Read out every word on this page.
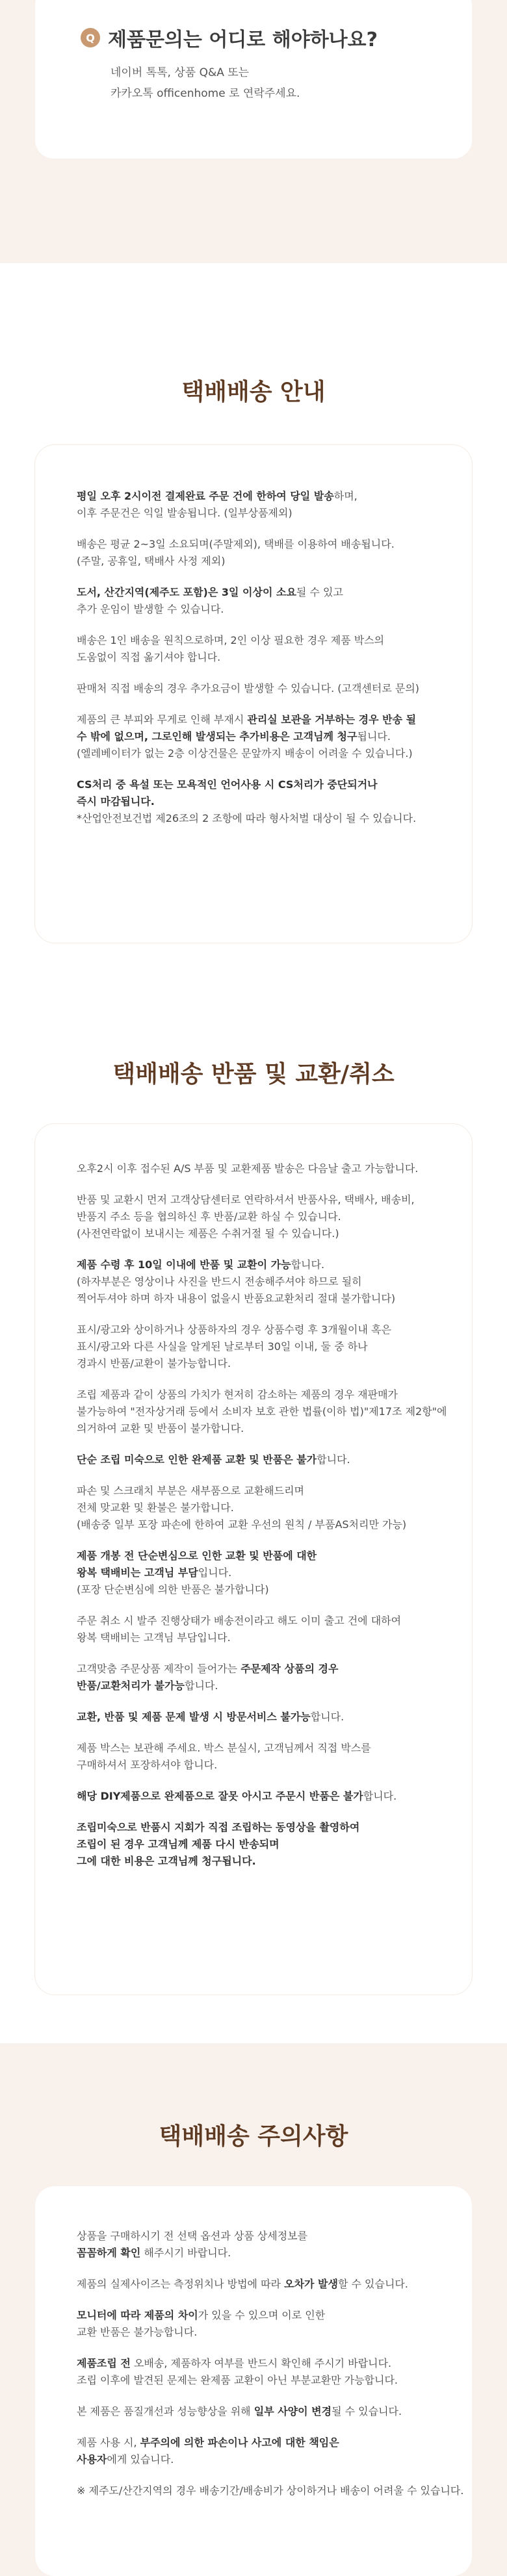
Q 제품문의는 어디로 해야하나요?
네이버 톡톡, 상품 Q&A 또는
카카오톡 officenhome 로 연락주세요.
택배배송 안내
평일 오후 2시이전 결제완료 주문 건에 한하여 당일 발송하며,
이후 주문건은 익일 발송됩니다. (일부상품제외)
배송은 평균 2~3일 소요되며(주말제외), 택배를 이용하여 배송됩니다.
(주말, 공휴일, 택배사 사정 제외)
도서, 산간지역(제주도 포함)은 3일 이상이 소요될 수 있고
추가 운임이 발생할 수 있습니다.
배송은 1인 배송을 원칙으로하며, 2인 이상 필요한 경우 제품 박스의
도움없이 직접 옮기셔야 합니다.
판매처 직접 배송의 경우 추가요금이 발생할 수 있습니다. (고객센터로 문의)
제품의 큰 부피와 무게로 인해 부재시 관리실 보관을 거부하는 경우 반송 될
수 밖에 없으며, 그로인해 발생되는 추가비용은 고객님께 청구됩니다.
(엘레베이터가 없는 2층 이상건물은 문앞까지 배송이 어려울 수 있습니다.)
CS처리 중 욕설 또는 모욕적인 언어사용 시 CS처리가 중단되거나
즉시 마감됩니다.
*산업안전보건법 제26조의 2 조항에 따라 형사처벌 대상이 될 수 있습니다.
택배배송 반품 및 교환/취소
오후2시 이후 접수된 A/S 부품 및 교환제품 발송은 다음날 출고 가능합니다.
반품 및 교환시 먼저 고객상담센터로 연락하셔서 반품사유, 택배사, 배송비,
반품지 주소 등을 협의하신 후 반품/교환 하실 수 있습니다.
(사전연락없이 보내시는 제품은 수취거절 될 수 있습니다.)
제품 수령 후 10일 이내에 반품 및 교환이 가능합니다.
(하자부분은 영상이나 사진을 반드시 전송해주셔야 하므로 될히
찍어두셔야 하며 하자 내용이 없을시 반품요교환처리 절대 불가합니다)
표시/광고와 상이하거나 상품하자의 경우 상품수령 후 3개월이내 혹은
표시/광고와 다른 사실을 알게된 날로부터 30일 이내, 둘 중 하나
경과시 반품/교환이 불가능합니다.
조립 제품과 같이 상품의 가치가 현저히 감소하는 제품의 경우 재판매가
불가능하여 "전자상거래 등에서 소비자 보호 관한 법률(이하 법)"제17조 제2항"에
의거하여 교환 및 반품이 불가합니다.
단순 조립 미숙으로 인한 완제품 교환 및 반품은 불가합니다.
파손 및 스크래치 부분은 새부품으로 교환해드리며
전체 맞교환 및 환불은 불가합니다.
(배송중 일부 포장 파손에 한하여 교환 우선의 원칙 / 부품AS처리만 가능)
제품 개봉 전 단순변심으로 인한 교환 및 반품에 대한
왕복 택배비는 고객님 부담입니다.
(포장 단순변심에 의한 반품은 불가합니다)
주문 취소 시 발주 진행상태가 배송전이라고 해도 이미 출고 건에 대하여
왕복 택배비는 고객님 부담입니다.
고객맞춤 주문상품 제작이 들어가는 주문제작 상품의 경우
반품/교환처리가 불가능합니다.
교환, 반품 및 제품 문제 발생 시 방문서비스 불가능합니다.
제품 박스는 보관해 주세요. 박스 분실시, 고객님께서 직접 박스를
구매하셔서 포장하셔야 합니다.
해당 DIY제품으로 완제품으로 잘못 아시고 주문시 반품은 불가합니다.
조립미숙으로 반품시 지회가 직접 조립하는 동영상을 촬영하여
조립이 된 경우 고객님께 제품 다시 반송되며
그에 대한 비용은 고객님께 청구됩니다.
택배배송 주의사항
상품을 구매하시기 전 선택 옵션과 상품 상세정보를
꼼꼼하게 확인 해주시기 바랍니다.
제품의 실제사이즈는 측정위치나 방법에 따라 오차가 발생할 수 있습니다.
모니터에 따라 제품의 차이가 있을 수 있으며 이로 인한
교환 반품은 불가능합니다.
제품조립 전 오배송, 제품하자 여부를 반드시 확인해 주시기 바랍니다.
조립 이후에 발견된 문제는 완제품 교환이 아닌 부분교환만 가능합니다.
본 제품은 품질개선과 성능향상을 위해 일부 사양이 변경될 수 있습니다.
제품 사용 시, 부주의에 의한 파손이나 사고에 대한 책임은
사용자에게 있습니다.
※ 제주도/산간지역의 경우 배송기간/배송비가 상이하거나 배송이 어려울 수 있습니다.
